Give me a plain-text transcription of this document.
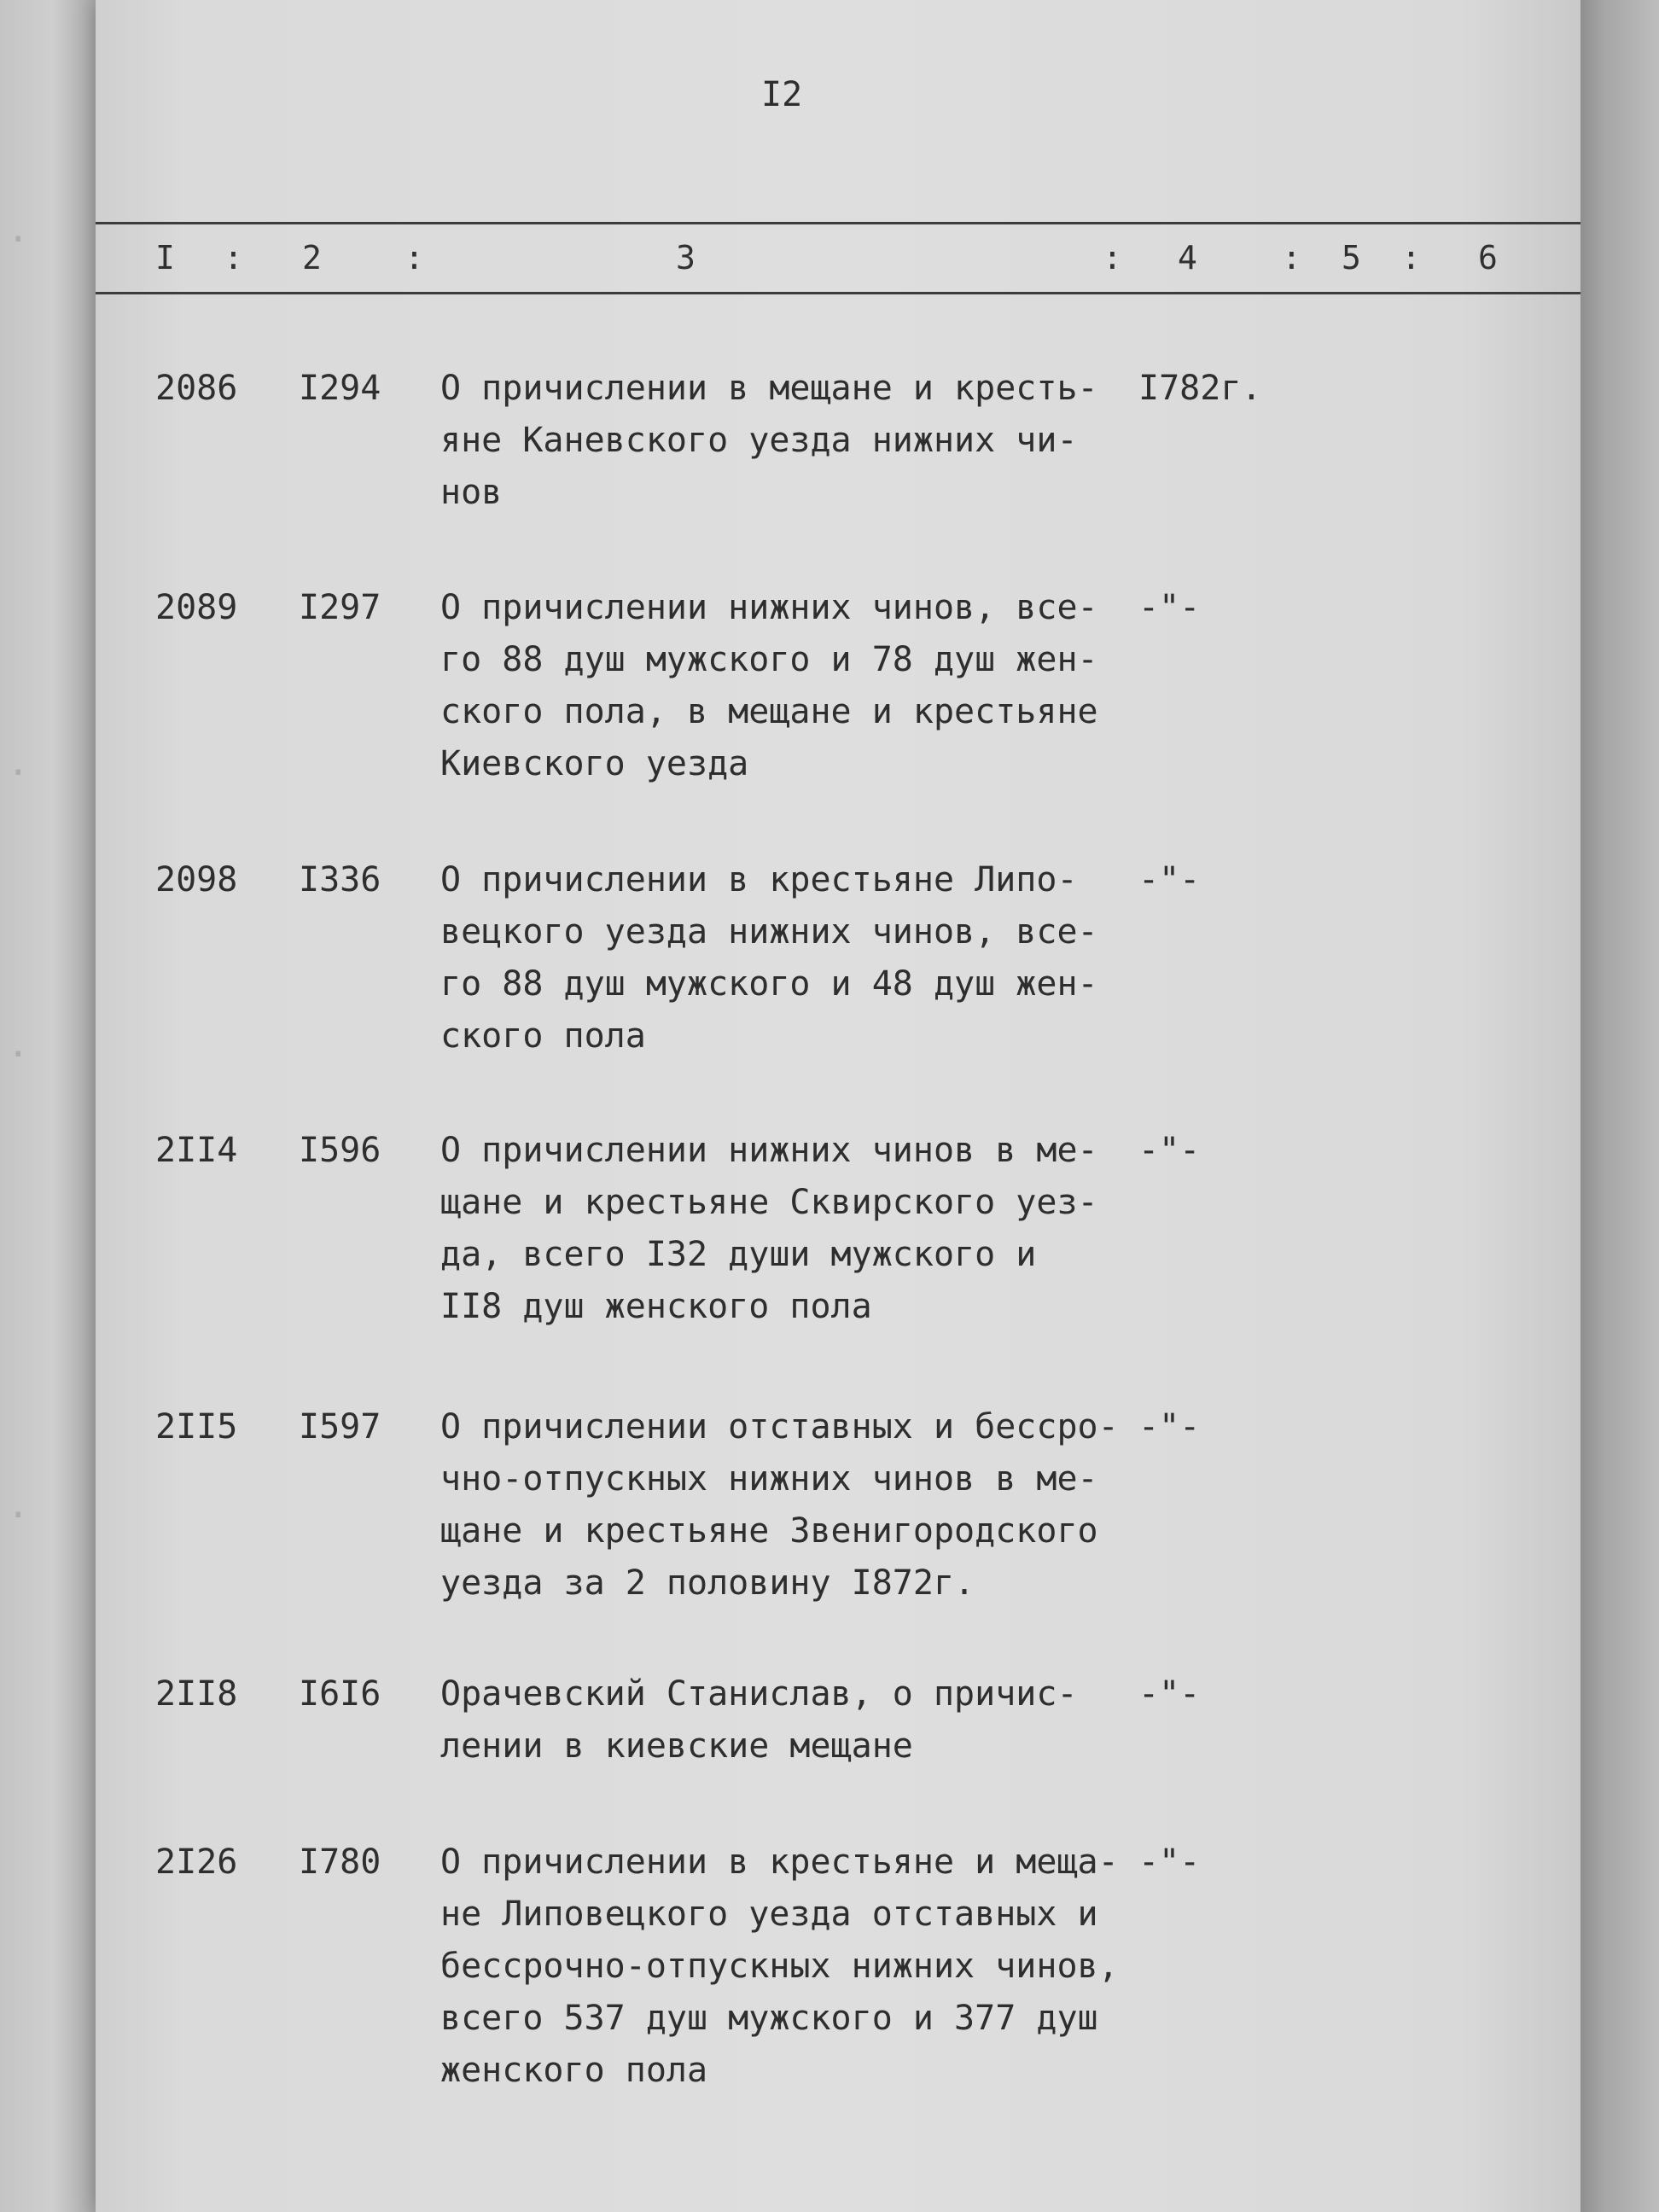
·
·
·
·
I2
I : 2	:	3	: 4	: 5 : 6
2086 I294 О причислении в мещане и кресть-
яне Каневского уезда нижних чи-
нов
I782г.
2089 I297 О причислении нижних чинов, все-
го 88 душ мужского и 78 душ жен-
ского пола, в мещане и крестьяне
Киевского уезда
-"-
2098 I336 О причислении в крестьяне Липо-
вецкого уезда нижних чинов, все-
го 88 душ мужского и 48 душ жен-
ского пола
-"-
2II4 I596 О причислении нижних чинов в ме-
щане и крестьяне Сквирского уез-
да, всего I32 души мужского и
II8 душ женского пола
-"-
2II5 I597 О причислении отставных и бессро-
чно-отпускных нижних чинов в ме-
щане и крестьяне Звенигородского
уезда за 2 половину I872г.
-"-
2II8 I6I6 Орачевский Станислав, о причис-
лении в киевские мещане
-"-
2I26 I780 О причислении в крестьяне и меща-
не Липовецкого уезда отставных и
бессрочно-отпускных нижних чинов,
всего 537 душ мужского и 377 душ
женского пола
-"-
